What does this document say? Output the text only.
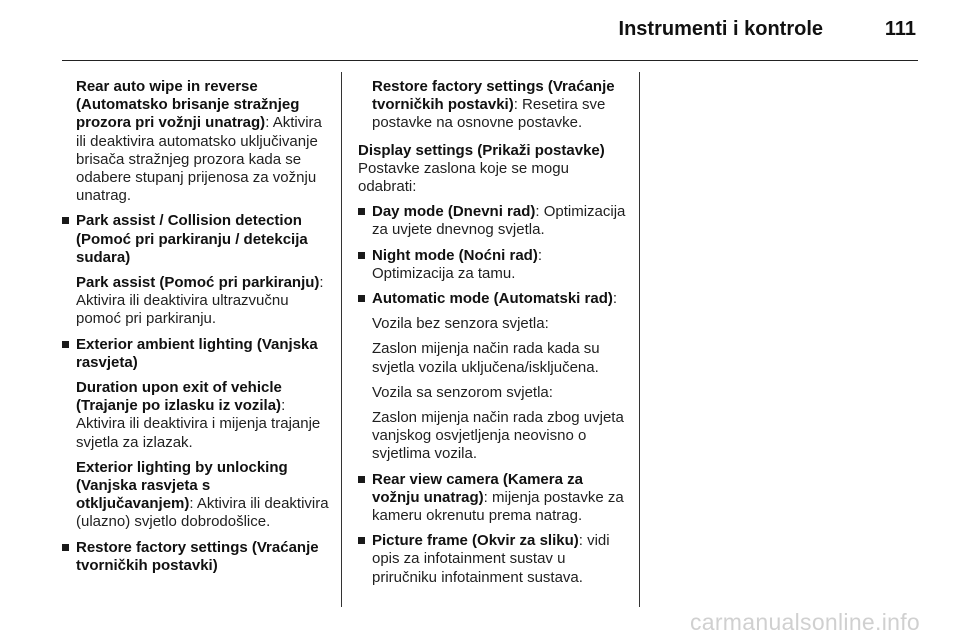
Instrumenti i kontrole	111

Rear auto wipe in reverse (Automatsko brisanje stražnjeg prozora pri vožnji unatrag): Aktivira ili deaktivira automatsko uključivanje brisača stražnjeg prozora kada se odabere stupanj prijenosa za vožnju unatrag.

Park assist / Collision detection (Pomoć pri parkiranju / detekcija sudara)

Park assist (Pomoć pri parkiranju): Aktivira ili deaktivira ultrazvučnu pomoć pri parkiranju.

Exterior ambient lighting (Vanjska rasvjeta)

Duration upon exit of vehicle (Trajanje po izlasku iz vozila): Aktivira ili deaktivira i mijenja trajanje svjetla za izlazak.

Exterior lighting by unlocking (Vanjska rasvjeta s otključavanjem): Aktivira ili deaktivira (ulazno) svjetlo dobrodošlice.

Restore factory settings (Vraćanje tvorničkih postavki)

Restore factory settings (Vraćanje tvorničkih postavki): Resetira sve postavke na osnovne postavke.

Display settings (Prikaži postavke)
Postavke zaslona koje se mogu odabrati:

Day mode (Dnevni rad): Optimizacija za uvjete dnevnog svjetla.

Night mode (Noćni rad): Optimizacija za tamu.

Automatic mode (Automatski rad):

Vozila bez senzora svjetla:

Zaslon mijenja način rada kada su svjetla vozila uključena/isključena.

Vozila sa senzorom svjetla:

Zaslon mijenja način rada zbog uvjeta vanjskog osvjetljenja neovisno o svjetlima vozila.

Rear view camera (Kamera za vožnju unatrag): mijenja postavke za kameru okrenutu prema natrag.

Picture frame (Okvir za sliku): vidi opis za infotainment sustav u priručniku infotainment sustava.

carmanualsonline.info
